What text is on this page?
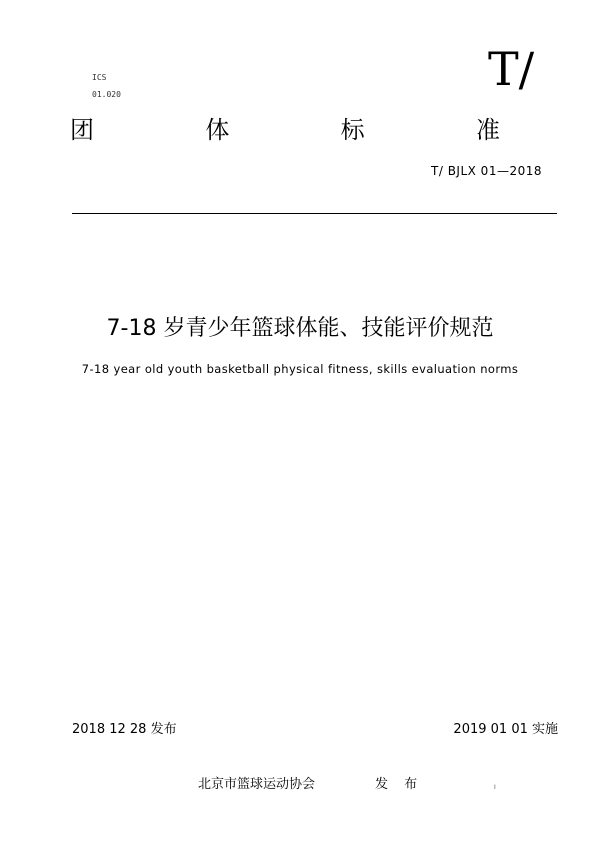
ICS
01.020	T/
团	体	标	准
T/ BJLX 01—2018
7-18 岁青少年篮球体能、技能评价规范
7-18 year old youth basketball physical fitness, skills evaluation norms
2018 12 28 发布	2019 01 01 实施
北京市篮球运动协会	发 布	I
